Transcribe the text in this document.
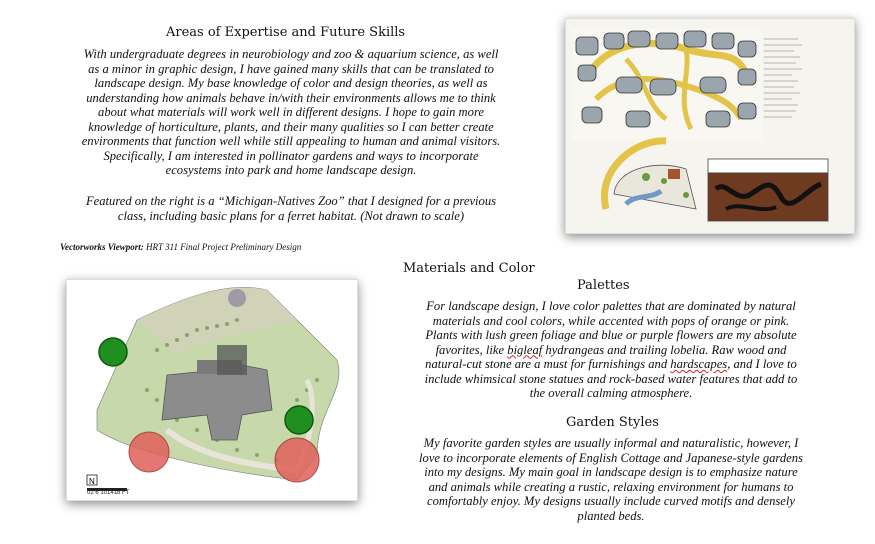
Areas of Expertise and Future Skills
With undergraduate degrees in neurobiology and zoo & aquarium science, as well
as a minor in graphic design, I have gained many skills that can be translated to
landscape design. My base knowledge of color and design theories, as well as
understanding how animals behave in/with their environments allows me to think
about what materials will work well in different designs. I hope to gain more
knowledge of horticulture, plants, and their many qualities so I can better create
environments that function well while still appealing to human and animal visitors.
Specifically, I am interested in pollinator gardens and ways to incorporate
ecosystems into park and home landscape design.
Featured on the right is a “Michigan-Natives Zoo” that I designed for a previous
class, including basic plans for a ferret habitat. (Not drawn to scale)
Vectorworks Viewport: HRT 311 Final Project Preliminary Design
Materials and Color
Palettes
For landscape design, I love color palettes that are dominated by natural
materials and cool colors, while accented with pops of orange or pink.
Plants with lush green foliage and blue or purple flowers are my absolute
favorites, like bigleaf hydrangeas and trailing lobelia. Raw wood and
natural-cut stone are a must for furnishings and hardscapes, and I love to
include whimsical stone statues and rock-based water features that add to
the overall calming atmosphere.
Garden Styles
My favorite garden styles are usually informal and naturalistic, however, I
love to incorporate elements of English Cottage and Japanese-style gardens
into my designs. My main goal in landscape design is to emphasize nature
and animals while creating a rustic, relaxing environment for humans to
comfortably enjoy. My designs usually include curved motifs and densely
planted beds.
N
02 6 101418 FT
